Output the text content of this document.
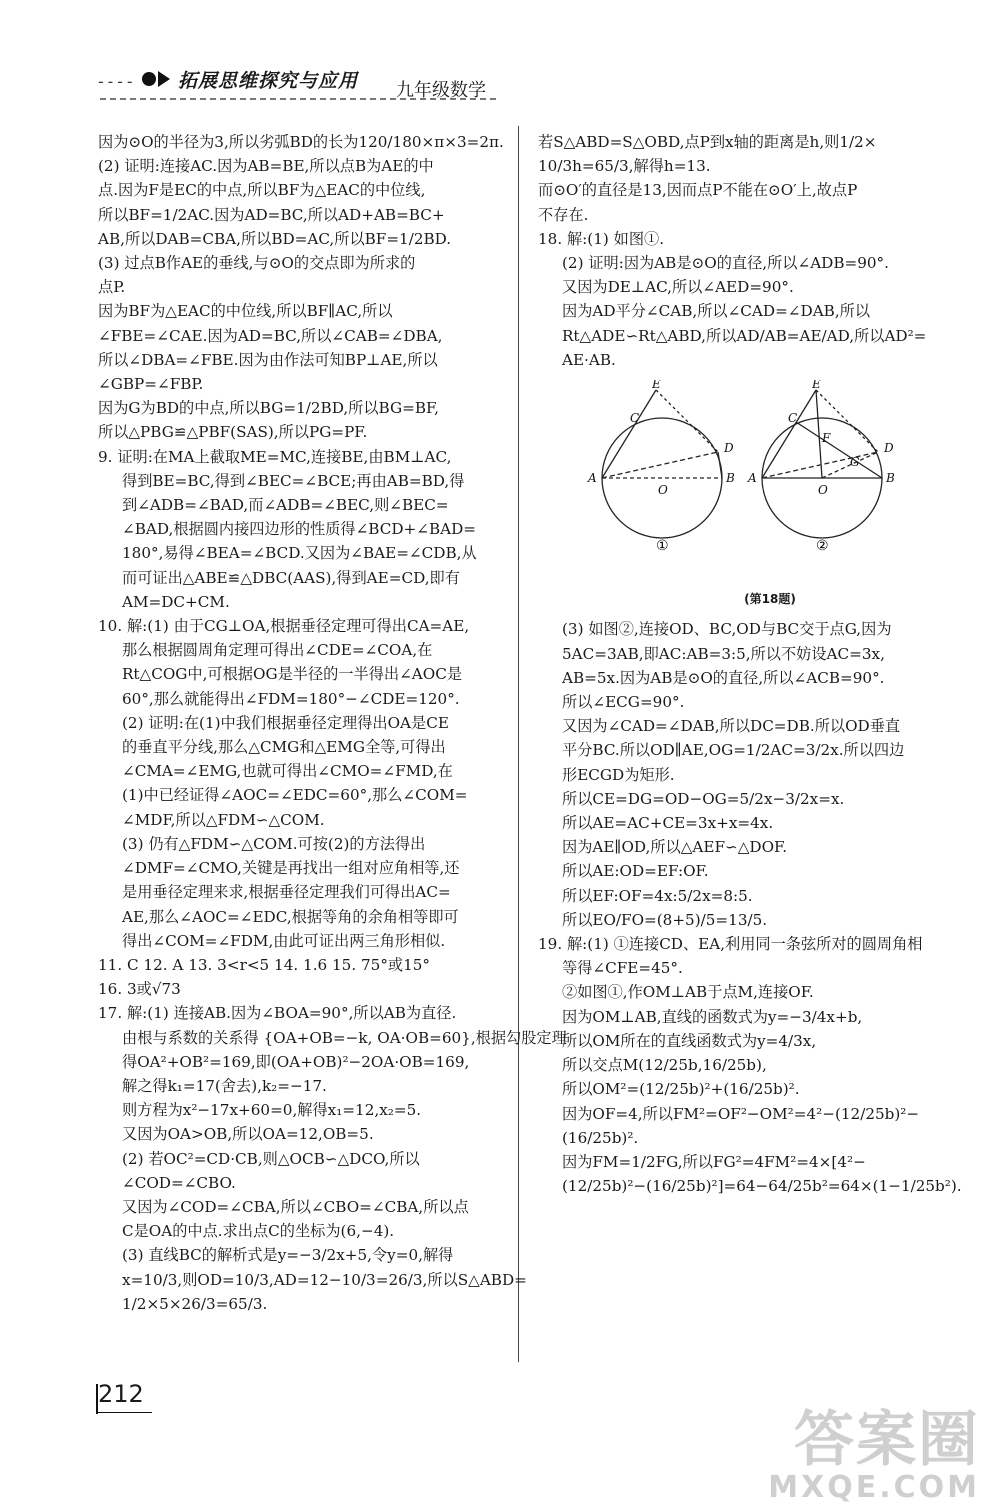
---- 拓展思维探究与应用 九年级数学

因为⊙O的半径为3,所以劣弧BD的长为120/180×π×3=2π.

(2) 证明:连接AC.因为AB=BE,所以点B为AE的中

点.因为F是EC的中点,所以BF为△EAC的中位线,

所以BF=1/2AC.因为AD=BC,所以AD+AB=BC+

AB,所以DAB=CBA,所以BD=AC,所以BF=1/2BD.

(3) 过点B作AE的垂线,与⊙O的交点即为所求的

点P.

因为BF为△EAC的中位线,所以BF∥AC,所以

∠FBE=∠CAE.因为AD=BC,所以∠CAB=∠DBA,

所以∠DBA=∠FBE.因为由作法可知BP⊥AE,所以

∠GBP=∠FBP.

因为G为BD的中点,所以BG=1/2BD,所以BG=BF,

所以△PBG≌△PBF(SAS),所以PG=PF.

9. 证明:在MA上截取ME=MC,连接BE,由BM⊥AC,

得到BE=BC,得到∠BEC=∠BCE;再由AB=BD,得

到∠ADB=∠BAD,而∠ADB=∠BEC,则∠BEC=

∠BAD,根据圆内接四边形的性质得∠BCD+∠BAD=

180°,易得∠BEA=∠BCD.又因为∠BAE=∠CDB,从

而可证出△ABE≌△DBC(AAS),得到AE=CD,即有

AM=DC+CM.

10. 解:(1) 由于CG⊥OA,根据垂径定理可得出CA=AE,

那么根据圆周角定理可得出∠CDE=∠COA,在

Rt△COG中,可根据OG是半径的一半得出∠AOC是

60°,那么就能得出∠FDM=180°−∠CDE=120°.

(2) 证明:在(1)中我们根据垂径定理得出OA是CE

的垂直平分线,那么△CMG和△EMG全等,可得出

∠CMA=∠EMG,也就可得出∠CMO=∠FMD,在

(1)中已经证得∠AOC=∠EDC=60°,那么∠COM=

∠MDF,所以△FDM∽△COM.

(3) 仍有△FDM∽△COM.可按(2)的方法得出

∠DMF=∠CMO,关键是再找出一组对应角相等,还

是用垂径定理来求,根据垂径定理我们可得出AC=

AE,那么∠AOC=∠EDC,根据等角的余角相等即可

得出∠COM=∠FDM,由此可证出两三角形相似.

11. C 12. A 13. 3<r<5 14. 1.6 15. 75°或15°

16. 3或√73

17. 解:(1) 连接AB.因为∠BOA=90°,所以AB为直径.

由根与系数的关系得 {OA+OB=−k, OA·OB=60},根据勾股定理

得OA²+OB²=169,即(OA+OB)²−2OA·OB=169,

解之得k₁=17(舍去),k₂=−17.

则方程为x²−17x+60=0,解得x₁=12,x₂=5.

又因为OA>OB,所以OA=12,OB=5.

(2) 若OC²=CD·CB,则△OCB∽△DCO,所以

∠COD=∠CBO.

又因为∠COD=∠CBA,所以∠CBO=∠CBA,所以点

C是OA的中点.求出点C的坐标为(6,−4).

(3) 直线BC的解析式是y=−3/2x+5,令y=0,解得

x=10/3,则OD=10/3,AD=12−10/3=26/3,所以S△ABD=

1/2×5×26/3=65/3.

若S△ABD=S△OBD,点P到x轴的距离是h,则1/2×

10/3h=65/3,解得h=13.

而⊙O′的直径是13,因而点P不能在⊙O′上,故点P

不存在.

18. 解:(1) 如图①.

(2) 证明:因为AB是⊙O的直径,所以∠ADB=90°.

又因为DE⊥AC,所以∠AED=90°.

因为AD平分∠CAB,所以∠CAD=∠DAB,所以

Rt△ADE∽Rt△ABD,所以AD/AB=AE/AD,所以AD²=

AE·AB.

E
C
D
A
O
B
E
C
D
A
O
B
F
G
①	②
(第18题)

(3) 如图②,连接OD、BC,OD与BC交于点G,因为

5AC=3AB,即AC:AB=3:5,所以不妨设AC=3x,

AB=5x.因为AB是⊙O的直径,所以∠ACB=90°.

所以∠ECG=90°.

又因为∠CAD=∠DAB,所以DC=DB.所以OD垂直

平分BC.所以OD∥AE,OG=1/2AC=3/2x.所以四边

形ECGD为矩形.

所以CE=DG=OD−OG=5/2x−3/2x=x.

所以AE=AC+CE=3x+x=4x.

因为AE∥OD,所以△AEF∽△DOF.

所以AE:OD=EF:OF.

所以EF:OF=4x:5/2x=8:5.

所以EO/FO=(8+5)/5=13/5.

19. 解:(1) ①连接CD、EA,利用同一条弦所对的圆周角相

等得∠CFE=45°.

②如图①,作OM⊥AB于点M,连接OF.

因为OM⊥AB,直线的函数式为y=−3/4x+b,

所以OM所在的直线函数式为y=4/3x,

所以交点M(12/25b,16/25b),

所以OM²=(12/25b)²+(16/25b)².

因为OF=4,所以FM²=OF²−OM²=4²−(12/25b)²−

(16/25b)².

因为FM=1/2FG,所以FG²=4FM²=4×[4²−

(12/25b)²−(16/25b)²]=64−64/25b²=64×(1−1/25b²).

212
答案圈
MXQE.COM
